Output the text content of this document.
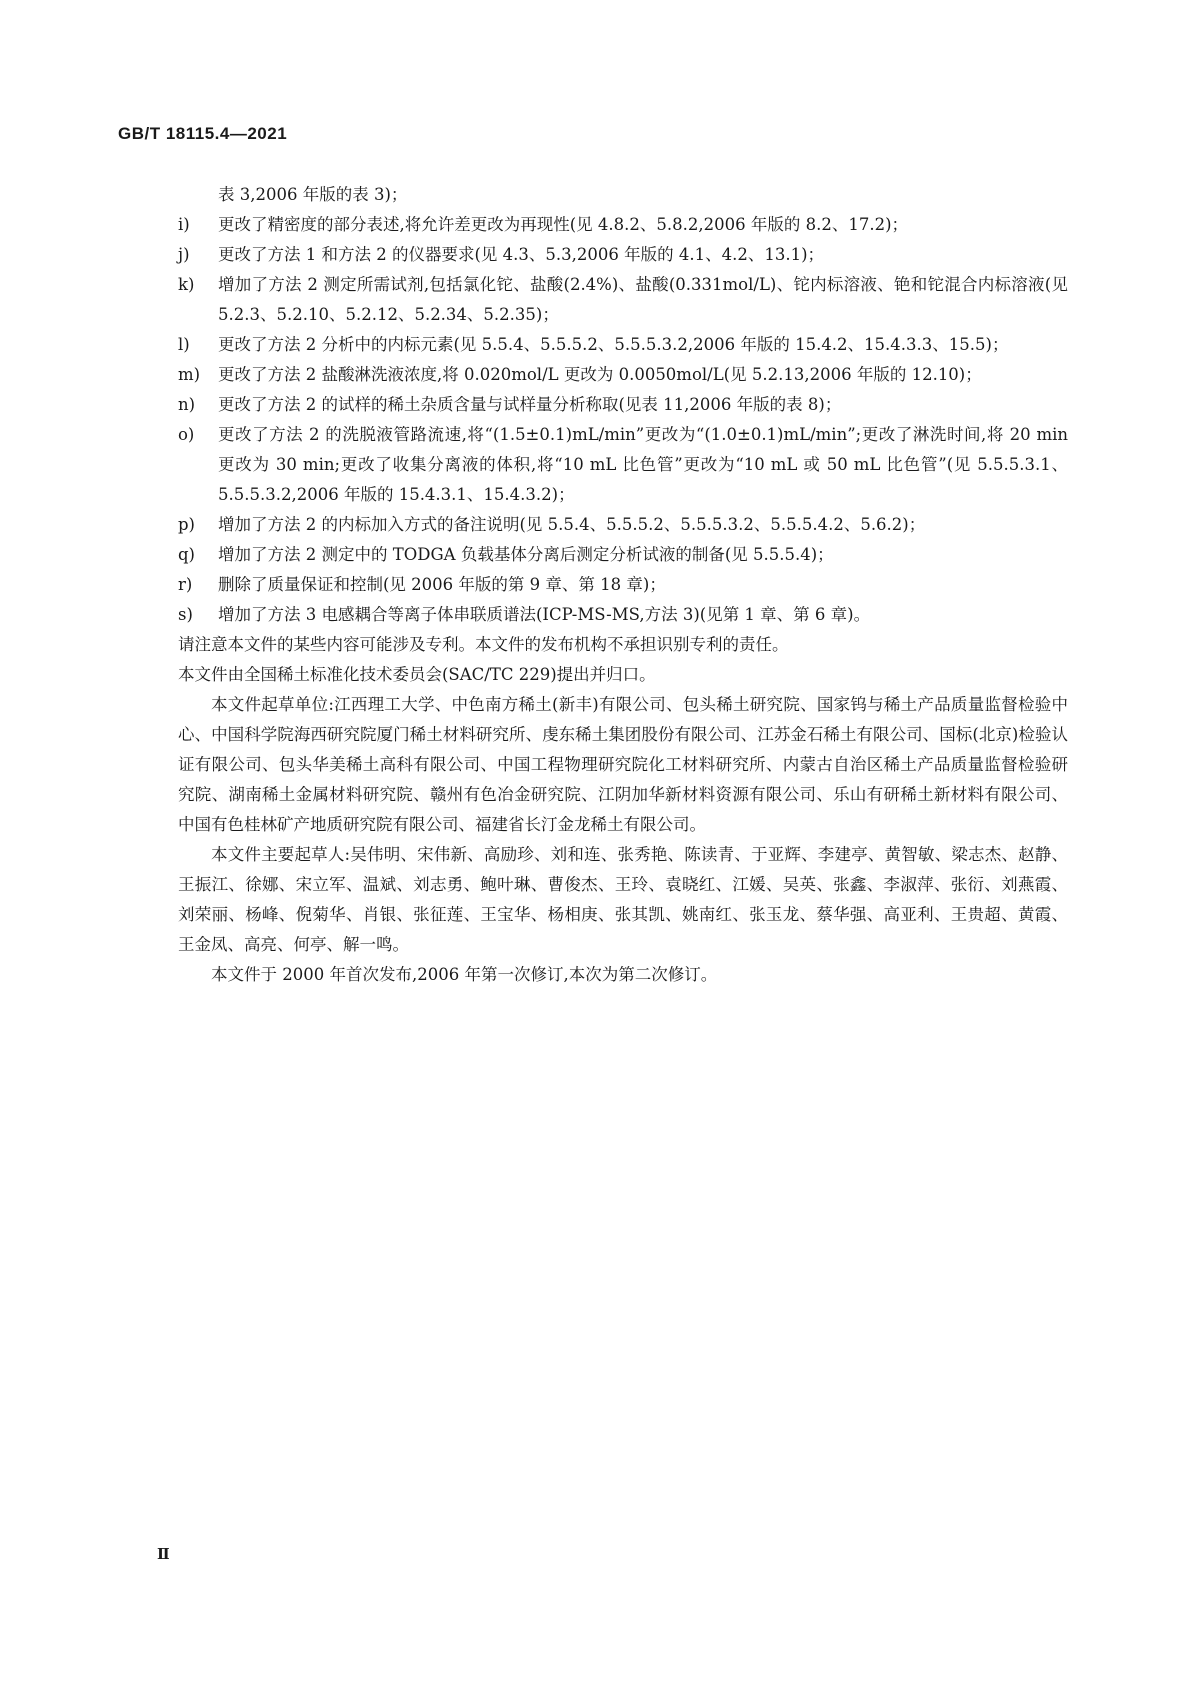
GB/T 18115.4—2021
表 3,2006 年版的表 3)；
i) 更改了精密度的部分表述,将允许差更改为再现性(见 4.8.2、5.8.2,2006 年版的 8.2、17.2)；
j) 更改了方法 1 和方法 2 的仪器要求(见 4.3、5.3,2006 年版的 4.1、4.2、13.1)；
k) 增加了方法 2 测定所需试剂,包括氯化铊、盐酸(2.4%)、盐酸(0.331mol/L)、铊内标溶液、铯和铊混合内标溶液(见 5.2.3、5.2.10、5.2.12、5.2.34、5.2.35)；
l) 更改了方法 2 分析中的内标元素(见 5.5.4、5.5.5.2、5.5.5.3.2,2006 年版的 15.4.2、15.4.3.3、15.5)；
m) 更改了方法 2 盐酸淋洗液浓度,将 0.020mol/L 更改为 0.0050mol/L(见 5.2.13,2006 年版的 12.10)；
n) 更改了方法 2 的试样的稀土杂质含量与试样量分析称取(见表 11,2006 年版的表 8)；
o) 更改了方法 2 的洗脱液管路流速,将“(1.5±0.1)mL/min”更改为“(1.0±0.1)mL/min”;更改了淋洗时间,将 20 min 更改为 30 min;更改了收集分离液的体积,将“10 mL 比色管”更改为“10 mL 或 50 mL 比色管”(见 5.5.5.3.1、5.5.5.3.2,2006 年版的 15.4.3.1、15.4.3.2)；
p) 增加了方法 2 的内标加入方式的备注说明(见 5.5.4、5.5.5.2、5.5.5.3.2、5.5.5.4.2、5.6.2)；
q) 增加了方法 2 测定中的 TODGA 负载基体分离后测定分析试液的制备(见 5.5.5.4)；
r) 删除了质量保证和控制(见 2006 年版的第 9 章、第 18 章)；
s) 增加了方法 3 电感耦合等离子体串联质谱法(ICP-MS-MS,方法 3)(见第 1 章、第 6 章)。
请注意本文件的某些内容可能涉及专利。本文件的发布机构不承担识别专利的责任。
本文件由全国稀土标准化技术委员会(SAC/TC 229)提出并归口。
本文件起草单位:江西理工大学、中色南方稀土(新丰)有限公司、包头稀土研究院、国家钨与稀土产品质量监督检验中心、中国科学院海西研究院厦门稀土材料研究所、虔东稀土集团股份有限公司、江苏金石稀土有限公司、国标(北京)检验认证有限公司、包头华美稀土高科有限公司、中国工程物理研究院化工材料研究所、内蒙古自治区稀土产品质量监督检验研究院、湖南稀土金属材料研究院、赣州有色冶金研究院、江阴加华新材料资源有限公司、乐山有研稀土新材料有限公司、中国有色桂林矿产地质研究院有限公司、福建省长汀金龙稀土有限公司。
本文件主要起草人:吴伟明、宋伟新、高励珍、刘和连、张秀艳、陈读青、于亚辉、李建亭、黄智敏、梁志杰、赵静、王振江、徐娜、宋立军、温斌、刘志勇、鲍叶琳、曹俊杰、王玲、袁晓红、江媛、吴英、张鑫、李淑萍、张衍、刘燕霞、刘荣丽、杨峰、倪菊华、肖银、张征莲、王宝华、杨相庚、张其凯、姚南红、张玉龙、蔡华强、高亚利、王贵超、黄霞、王金凤、高亮、何亭、解一鸣。
本文件于 2000 年首次发布,2006 年第一次修订,本次为第二次修订。
Ⅱ
